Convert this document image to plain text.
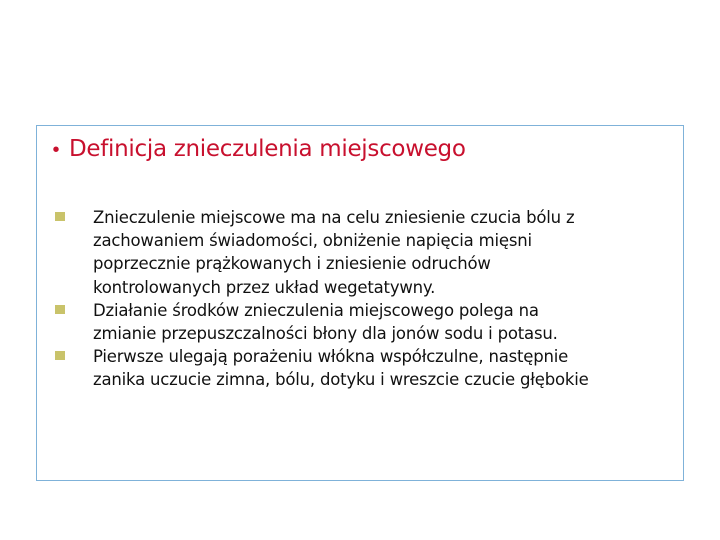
• Definicja znieczulenia miejscowego
Znieczulenie miejscowe ma na celu zniesienie czucia bólu z
zachowaniem świadomości, obniżenie napięcia mięsni
poprzecznie prążkowanych i zniesienie odruchów
kontrolowanych przez układ wegetatywny.
Działanie środków znieczulenia miejscowego polega na
zmianie przepuszczalności błony dla jonów sodu i potasu.
Pierwsze ulegają porażeniu włókna współczulne, następnie
zanika uczucie zimna, bólu, dotyku i wreszcie czucie głębokie
